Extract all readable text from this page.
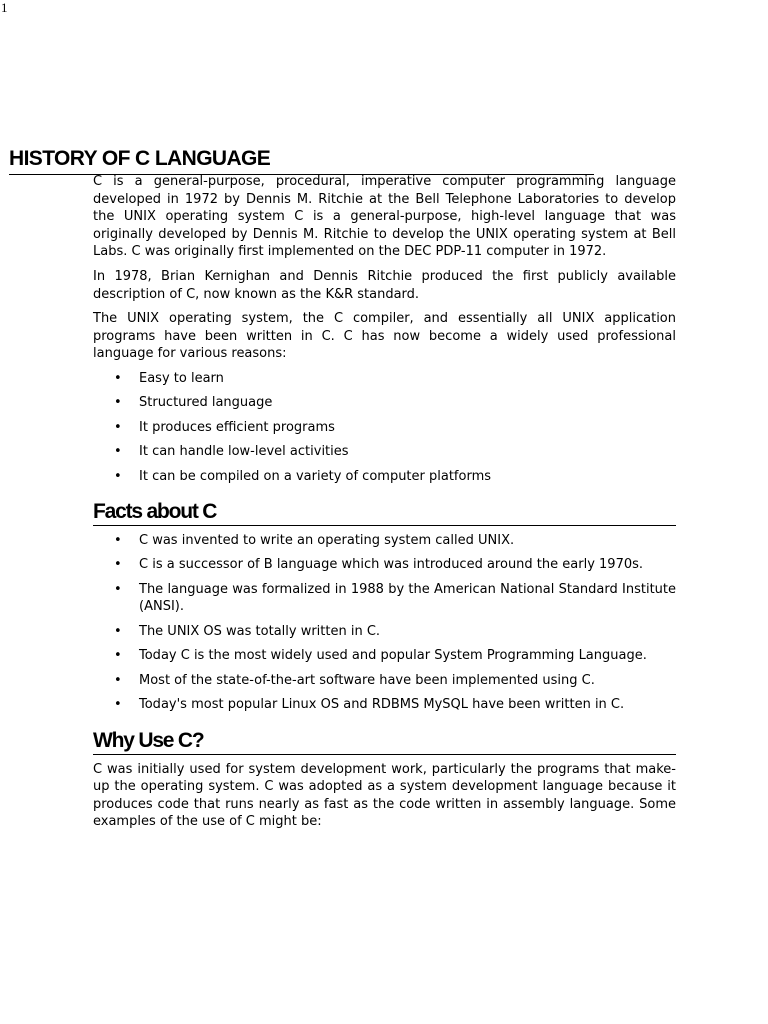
1
HISTORY OF C LANGUAGE

C is a general-purpose, procedural, imperative computer programming language developed in 1972 by Dennis M. Ritchie at the Bell Telephone Laboratories to develop the UNIX operating system C is a general-purpose, high-level language that was originally developed by Dennis M. Ritchie to develop the UNIX operating system at Bell Labs. C was originally first implemented on the DEC PDP-11 computer in 1972.

In 1978, Brian Kernighan and Dennis Ritchie produced the first publicly available description of C, now known as the K&R standard.

The UNIX operating system, the C compiler, and essentially all UNIX application programs have been written in C. C has now become a widely used professional language for various reasons:

• Easy to learn
• Structured language
• It produces efficient programs
• It can handle low-level activities
• It can be compiled on a variety of computer platforms
Facts about C
• C was invented to write an operating system called UNIX.
• C is a successor of B language which was introduced around the early 1970s.
• The language was formalized in 1988 by the American National Standard Institute (ANSI).
• The UNIX OS was totally written in C.
• Today C is the most widely used and popular System Programming Language.
• Most of the state-of-the-art software have been implemented using C.
• Today's most popular Linux OS and RDBMS MySQL have been written in C.
Why Use C?

C was initially used for system development work, particularly the programs that make-up the operating system. C was adopted as a system development language because it produces code that runs nearly as fast as the code written in assembly language. Some examples of the use of C might be:
